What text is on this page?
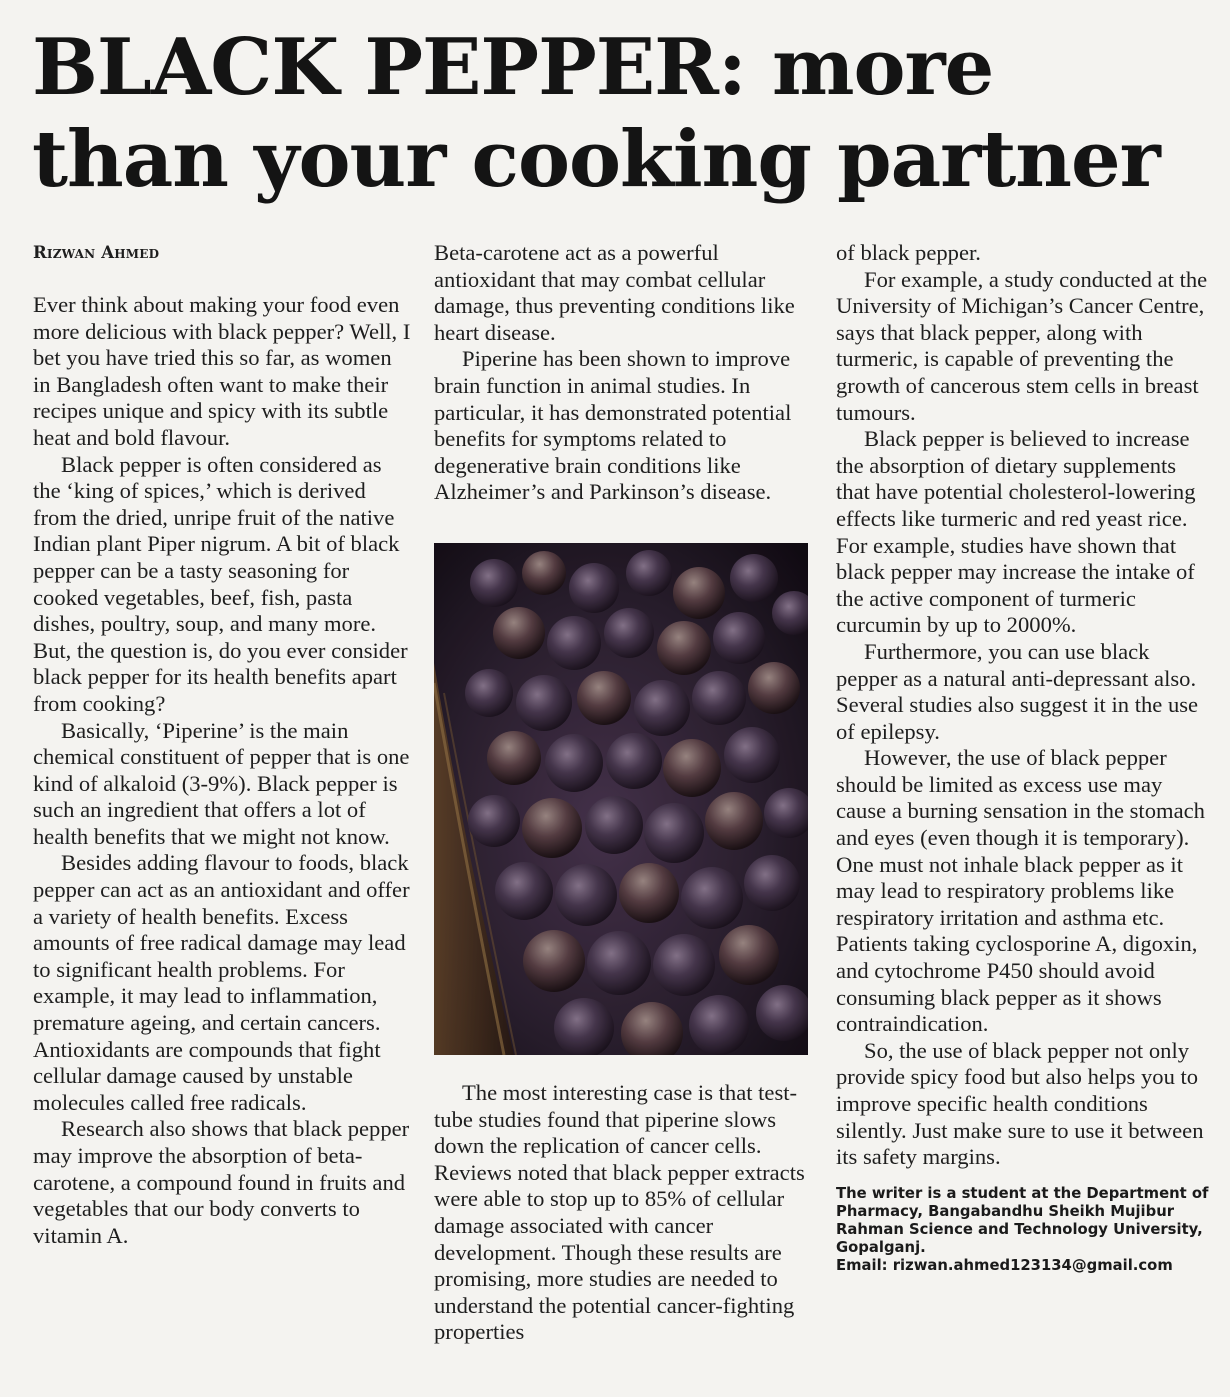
BLACK PEPPER: more than your cooking partner
Rizwan Ahmed

Ever think about making your food even more delicious with black pepper? Well, I bet you have tried this so far, as women in Bangladesh often want to make their recipes unique and spicy with its subtle heat and bold flavour.

Black pepper is often considered as the ‘king of spices,’ which is derived from the dried, unripe fruit of the native Indian plant Piper nigrum. A bit of black pepper can be a tasty seasoning for cooked vegetables, beef, fish, pasta dishes, poultry, soup, and many more. But, the question is, do you ever consider black pepper for its health benefits apart from cooking?

Basically, ‘Piperine’ is the main chemical constituent of pepper that is one kind of alkaloid (3-9%). Black pepper is such an ingredient that offers a lot of health benefits that we might not know.

Besides adding flavour to foods, black pepper can act as an antioxidant and offer a variety of health benefits. Excess amounts of free radical damage may lead to significant health problems. For example, it may lead to inflammation, premature ageing, and certain cancers. Antioxidants are compounds that fight cellular damage caused by unstable molecules called free radicals.

Research also shows that black pepper may improve the absorption of beta-carotene, a compound found in fruits and vegetables that our body converts to vitamin A.

Beta-carotene act as a powerful antioxidant that may combat cellular damage, thus preventing conditions like heart disease.

Piperine has been shown to improve brain function in animal studies. In particular, it has demonstrated potential benefits for symptoms related to degenerative brain conditions like Alzheimer’s and Parkinson’s disease.

The most interesting case is that test-tube studies found that piperine slows down the replication of cancer cells. Reviews noted that black pepper extracts were able to stop up to 85% of cellular damage associated with cancer development. Though these results are promising, more studies are needed to understand the potential cancer-fighting properties

of black pepper.

For example, a study conducted at the University of Michigan’s Cancer Centre, says that black pepper, along with turmeric, is capable of preventing the growth of cancerous stem cells in breast tumours.

Black pepper is believed to increase the absorption of dietary supplements that have potential cholesterol-lowering effects like turmeric and red yeast rice. For example, studies have shown that black pepper may increase the intake of the active component of turmeric curcumin by up to 2000%.

Furthermore, you can use black pepper as a natural anti-depressant also. Several studies also suggest it in the use of epilepsy.

However, the use of black pepper should be limited as excess use may cause a burning sensation in the stomach and eyes (even though it is temporary). One must not inhale black pepper as it may lead to respiratory problems like respiratory irritation and asthma etc. Patients taking cyclosporine A, digoxin, and cytochrome P450 should avoid consuming black pepper as it shows contraindication.

So, the use of black pepper not only provide spicy food but also helps you to improve specific health conditions silently. Just make sure to use it between its safety margins.

The writer is a student at the Department of Pharmacy, Bangabandhu Sheikh Mujibur Rahman Science and Technology University, Gopalganj.
Email: rizwan.ahmed123134@gmail.com
